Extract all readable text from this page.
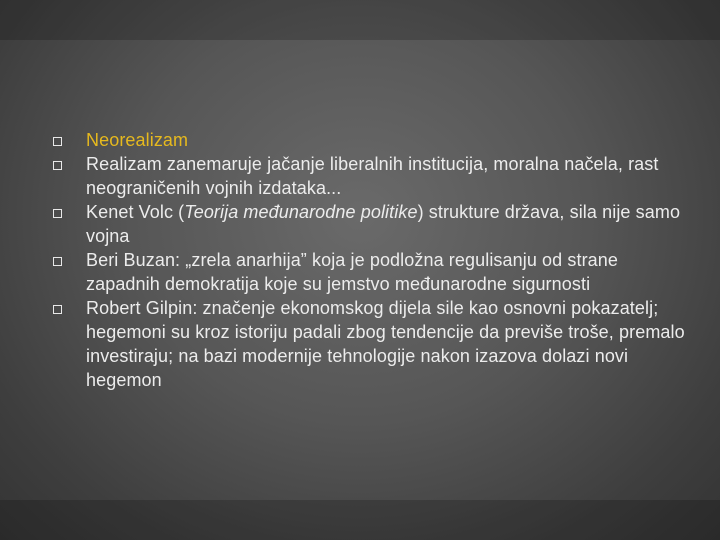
Neorealizam
Realizam zanemaruje jačanje liberalnih institucija, moralna načela, rast neograničenih vojnih izdataka...
Kenet Volc (Teorija međunarodne politike) strukture država, sila nije samo vojna
Beri Buzan: „zrela anarhija” koja je podložna regulisanju od strane zapadnih demokratija koje su jemstvo međunarodne sigurnosti
Robert Gilpin: značenje ekonomskog dijela sile kao osnovni pokazatelj; hegemoni su kroz istoriju padali zbog tendencije da previše troše, premalo investiraju; na bazi modernije tehnologije nakon izazova dolazi novi hegemon
